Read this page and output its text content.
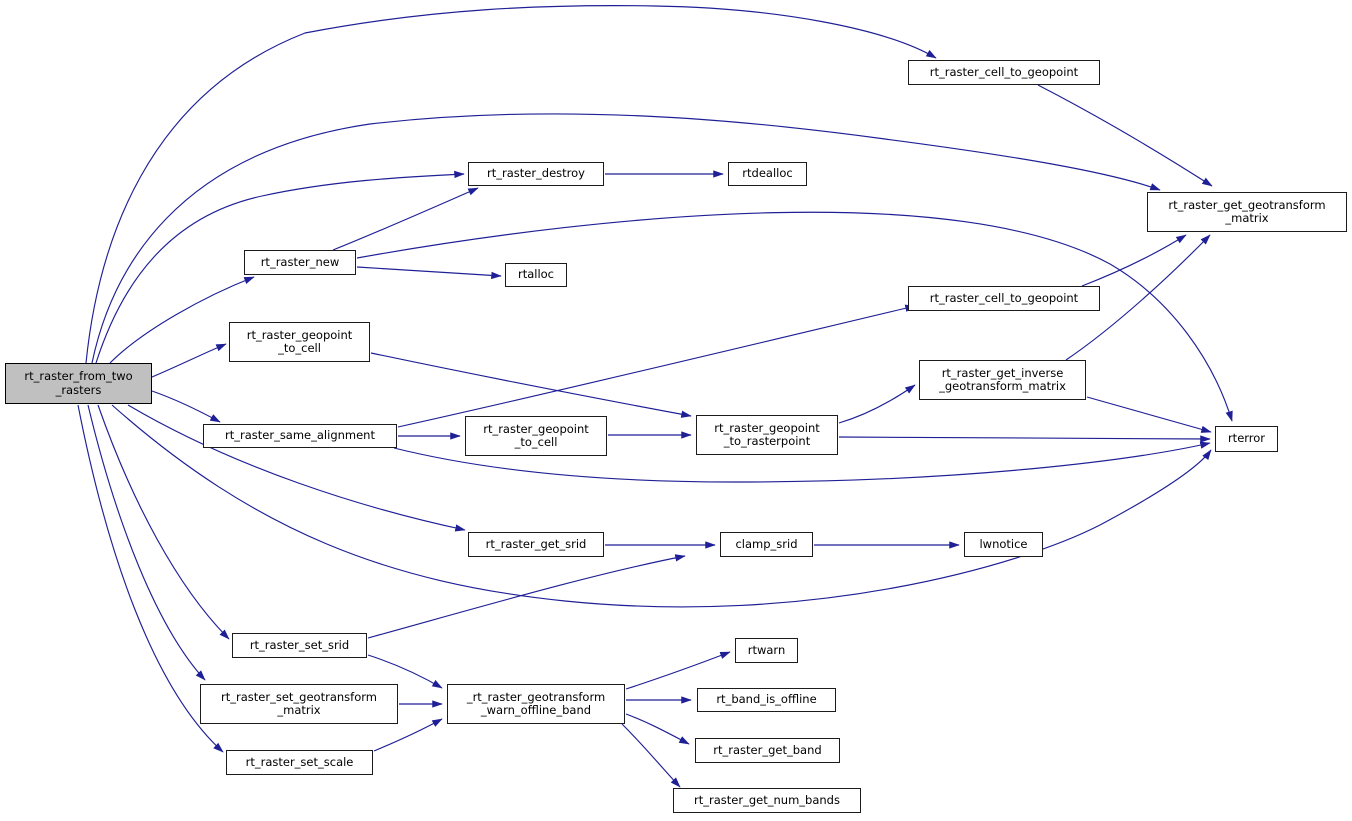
rt_raster_from_two
_rasters
rt_raster_cell_to_geopoint
rt_raster_destroy	rtdealloc
rt_raster_get_geotransform
_matrix
rt_raster_new
rtalloc
rt_raster_cell_to_geopoint
rt_raster_geopoint
_to_cell
rt_raster_get_inverse
_geotransform_matrix
rt_raster_same_alignment	rt_raster_geopoint
_to_cell
rt_raster_geopoint
_to_rasterpoint	rterror
rt_raster_get_srid	clamp_srid	lwnotice
rt_raster_set_srid
rt_raster_set_geotransform
_matrix
rt_raster_set_scale
_rt_raster_geotransform
_warn_offline_band
rtwarn
rt_band_is_offline
rt_raster_get_band
rt_raster_get_num_bands
